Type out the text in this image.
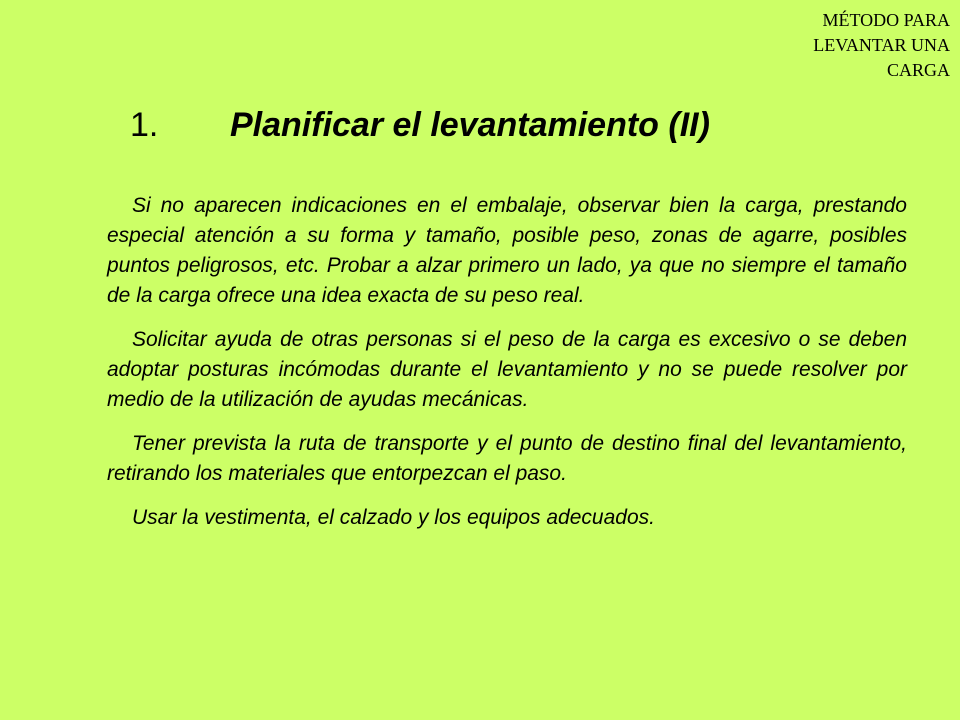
MÉTODO PARA
LEVANTAR UNA
CARGA
1. Planificar el levantamiento (II)

Si no aparecen indicaciones en el embalaje, observar bien la carga, prestando especial atención a su forma y tamaño, posible peso, zonas de agarre, posibles puntos peligrosos, etc. Probar a alzar primero un lado, ya que no siempre el tamaño de la carga ofrece una idea exacta de su peso real.

Solicitar ayuda de otras personas si el peso de la carga es excesivo o se deben adoptar posturas incómodas durante el levantamiento y no se puede resolver por medio de la utilización de ayudas mecánicas.

Tener prevista la ruta de transporte y el punto de destino final del levantamiento, retirando los materiales que entorpezcan el paso.

Usar la vestimenta, el calzado y los equipos adecuados.
